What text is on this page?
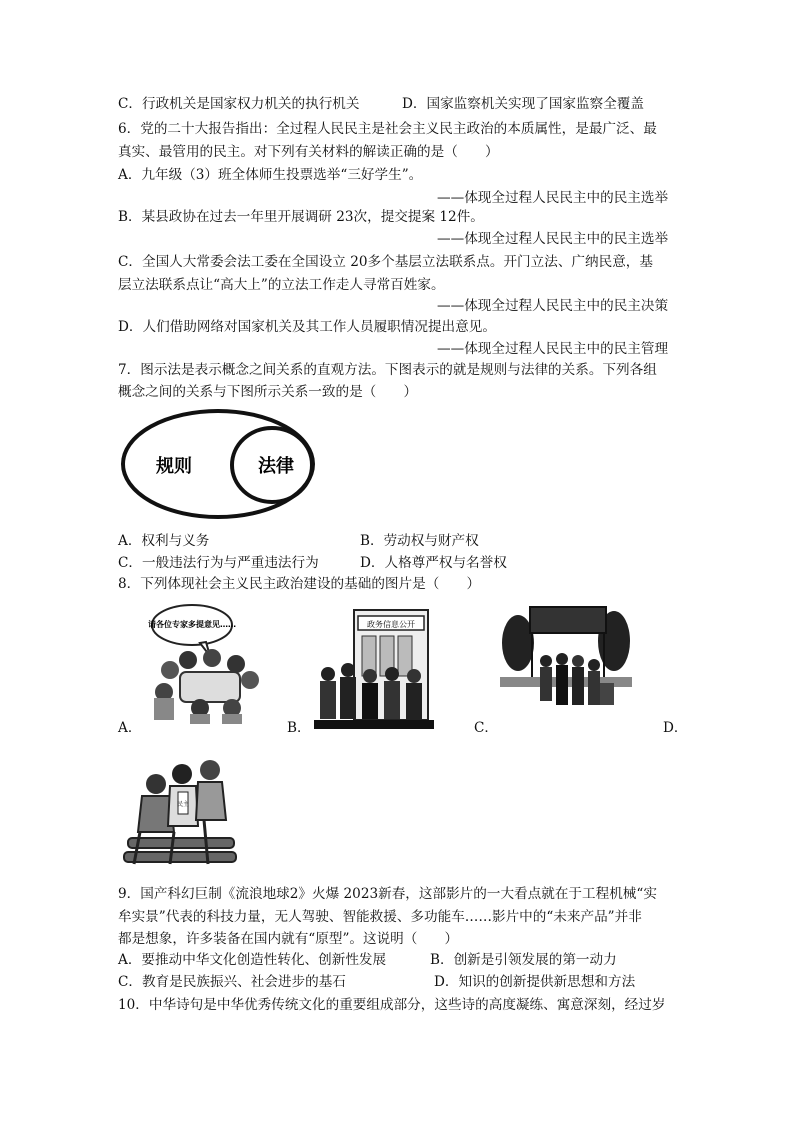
C．行政机关是国家权力机关的执行机关	D．国家监察机关实现了国家监察全覆盖
6．党的二十大报告指出：全过程人民民主是社会主义民主政治的本质属性，是最广泛、最
真实、最管用的民主。对下列有关材料的解读正确的是（　　）
A．九年级（3）班全体师生投票选举“三好学生”。
——体现全过程人民民主中的民主选举
B．某县政协在过去一年里开展调研 23次，提交提案 12件。
——体现全过程人民民主中的民主选举
C．全国人大常委会法工委在全国设立 20多个基层立法联系点。开门立法、广纳民意，基
层立法联系点让“高大上”的立法工作走人寻常百姓家。
——体现全过程人民民主中的民主决策
D．人们借助网络对国家机关及其工作人员履职情况提出意见。
——体现全过程人民民主中的民主管理
7．图示法是表示概念之间关系的直观方法。下图表示的就是规则与法律的关系。下列各组
概念之间的关系与下图所示关系一致的是（　　）
规则	法律
A．权利与义务	B．劳动权与财产权
C．一般违法行为与严重违法行为	D．人格尊严权与名誉权
8．下列体现社会主义民主政治建设的基础的图片是（　　）
请各位专家多提意见……
A．
政务信息公开
B．	C．	D．
民主
9．国产科幻巨制《流浪地球2》火爆 2023新春，这部影片的一大看点就在于工程机械“实
牟实景”代表的科技力量，无人驾驶、智能救援、多功能车……影片中的“未来产品”并非
都是想象，许多装备在国内就有“原型”。这说明（　　）
A．要推动中华文化创造性转化、创新性发展	B．创新是引领发展的第一动力
C．教育是民族振兴、社会进步的基石	D．知识的创新提供新思想和方法
10．中华诗句是中华优秀传统文化的重要组成部分，这些诗的高度凝练、寓意深刻，经过岁
